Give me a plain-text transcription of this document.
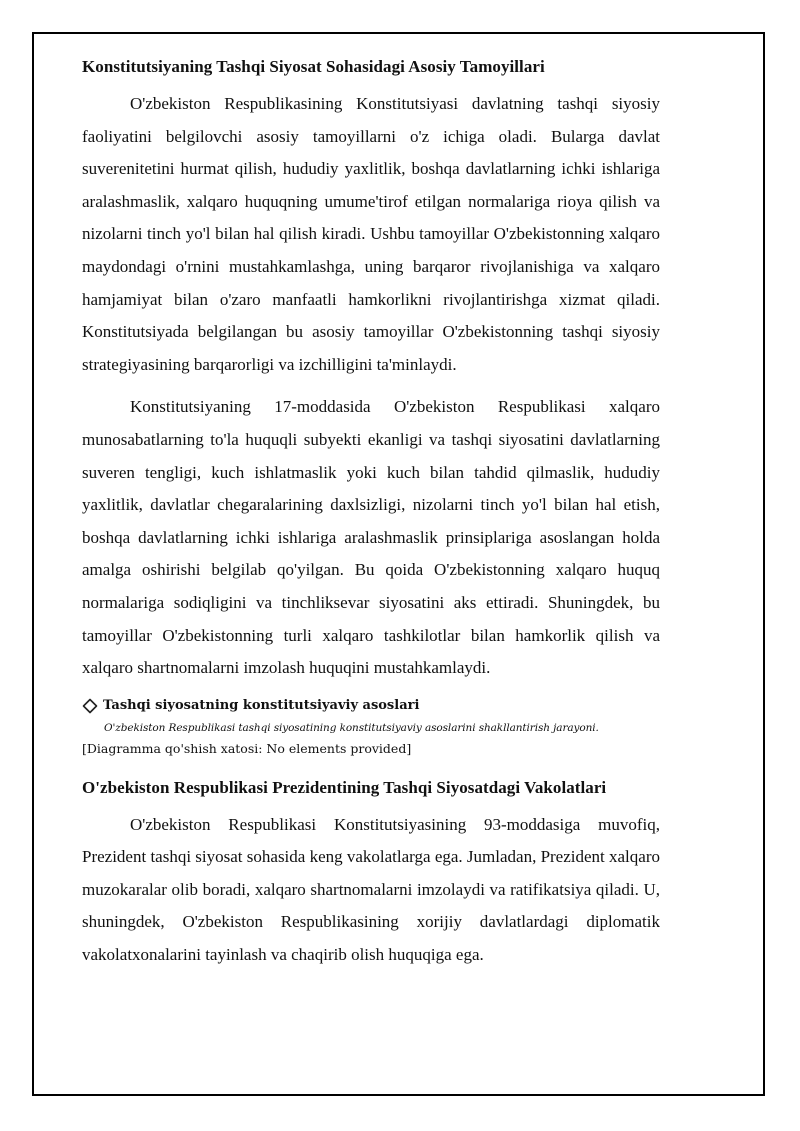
Konstitutsiyaning Tashqi Siyosat Sohasidagi Asosiy Tamoyillari

O'zbekiston Respublikasining Konstitutsiyasi davlatning tashqi siyosiy faoliyatini belgilovchi asosiy tamoyillarni o'z ichiga oladi. Bularga davlat suverenitetini hurmat qilish, hududiy yaxlitlik, boshqa davlatlarning ichki ishlariga aralashmaslik, xalqaro huquqning umume'tirof etilgan normalariga rioya qilish va nizolarni tinch yo'l bilan hal qilish kiradi. Ushbu tamoyillar O'zbekistonning xalqaro maydondagi o'rnini mustahkamlashga, uning barqaror rivojlanishiga va xalqaro hamjamiyat bilan o'zaro manfaatli hamkorlikni rivojlantirishga xizmat qiladi. Konstitutsiyada belgilangan bu asosiy tamoyillar O'zbekistonning tashqi siyosiy strategiyasining barqarorligi va izchilligini ta'minlaydi.

Konstitutsiyaning 17-moddasida O'zbekiston Respublikasi xalqaro munosabatlarning to'la huquqli subyekti ekanligi va tashqi siyosatini davlatlarning suveren tengligi, kuch ishlatmaslik yoki kuch bilan tahdid qilmaslik, hududiy yaxlitlik, davlatlar chegaralarining daxlsizligi, nizolarni tinch yo'l bilan hal etish, boshqa davlatlarning ichki ishlariga aralashmaslik prinsiplariga asoslangan holda amalga oshirishi belgilab qo'yilgan. Bu qoida O'zbekistonning xalqaro huquq normalariga sodiqligini va tinchliksevar siyosatini aks ettiradi. Shuningdek, bu tamoyillar O'zbekistonning turli xalqaro tashkilotlar bilan hamkorlik qilish va xalqaro shartnomalarni imzolash huquqini mustahkamlaydi.

Tashqi siyosatning konstitutsiyaviy asoslari
O'zbekiston Respublikasi tashqi siyosatining konstitutsiyaviy asoslarini shakllantirish jarayoni.
[Diagramma qo'shish xatosi: No elements provided]
O'zbekiston Respublikasi Prezidentining Tashqi Siyosatdagi Vakolatlari

O'zbekiston Respublikasi Konstitutsiyasining 93-moddasiga muvofiq, Prezident tashqi siyosat sohasida keng vakolatlarga ega. Jumladan, Prezident xalqaro muzokaralar olib boradi, xalqaro shartnomalarni imzolaydi va ratifikatsiya qiladi. U, shuningdek, O'zbekiston Respublikasining xorijiy davlatlardagi diplomatik vakolatxonalarini tayinlash va chaqirib olish huquqiga ega.
